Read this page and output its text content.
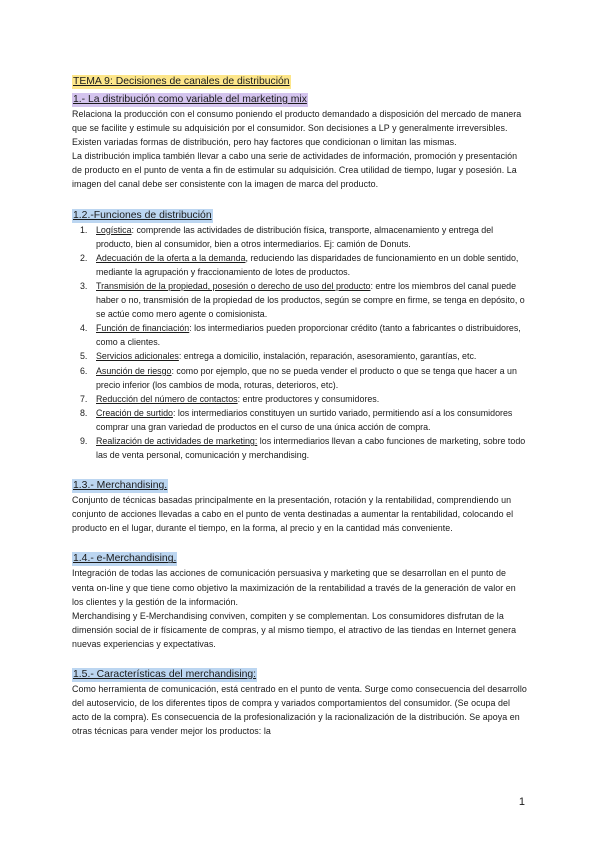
TEMA 9: Decisiones de canales de distribución
1.- La distribución como variable del marketing mix

Relaciona la producción con el consumo poniendo el producto demandado a disposición del mercado de manera que se facilite y estimule su adquisición por el consumidor. Son decisiones a LP y generalmente irreversibles. Existen variadas formas de distribución, pero hay factores que condicionan o limitan las mismas.

La distribución implica también llevar a cabo una serie de actividades de información, promoción y presentación de producto en el punto de venta a fin de estimular su adquisición. Crea utilidad de tiempo, lugar y posesión. La imagen del canal debe ser consistente con la imagen de marca del producto.

1.2.-Funciones de distribución
1. Logística: comprende las actividades de distribución física, transporte, almacenamiento y entrega del producto, bien al consumidor, bien a otros intermediarios. Ej: camión de Donuts.
2. Adecuación de la oferta a la demanda, reduciendo las disparidades de funcionamiento en un doble sentido, mediante la agrupación y fraccionamiento de lotes de productos.
3. Transmisión de la propiedad, posesión o derecho de uso del producto: entre los miembros del canal puede haber o no, transmisión de la propiedad de los productos, según se compre en firme, se tenga en depósito, o se actúe como mero agente o comisionista.
4. Función de financiación: los intermediarios pueden proporcionar crédito (tanto a fabricantes o distribuidores, como a clientes.
5. Servicios adicionales: entrega a domicilio, instalación, reparación, asesoramiento, garantías, etc.
6. Asunción de riesgo: como por ejemplo, que no se pueda vender el producto o que se tenga que hacer a un precio inferior (los cambios de moda, roturas, deterioros, etc).
7. Reducción del número de contactos: entre productores y consumidores.
8. Creación de surtido: los intermediarios constituyen un surtido variado, permitiendo así a los consumidores comprar una gran variedad de productos en el curso de una única acción de compra.
9. Realización de actividades de marketing: los intermediarios llevan a cabo funciones de marketing, sobre todo las de venta personal, comunicación y merchandising.
1.3.- Merchandising.

Conjunto de técnicas basadas principalmente en la presentación, rotación y la rentabilidad, comprendiendo un conjunto de acciones llevadas a cabo en el punto de venta destinadas a aumentar la rentabilidad, colocando el producto en el lugar, durante el tiempo, en la forma, al precio y en la cantidad más conveniente.

1.4.- e-Merchandising.

Integración de todas las acciones de comunicación persuasiva y marketing que se desarrollan en el punto de venta on-line y que tiene como objetivo la maximización de la rentabilidad a través de la generación de valor en los clientes y la gestión de la información.

Merchandising y E-Merchandising conviven, compiten y se complementan. Los consumidores disfrutan de la dimensión social de ir físicamente de compras, y al mismo tiempo, el atractivo de las tiendas en Internet genera nuevas experiencias y expectativas.

1.5.- Características del merchandising:

Como herramienta de comunicación, está centrado en el punto de venta. Surge como consecuencia del desarrollo del autoservicio, de los diferentes tipos de compra y variados comportamientos del consumidor. (Se ocupa del acto de la compra). Es consecuencia de la profesionalización y la racionalización de la distribución. Se apoya en otras técnicas para vender mejor los productos: la

1
